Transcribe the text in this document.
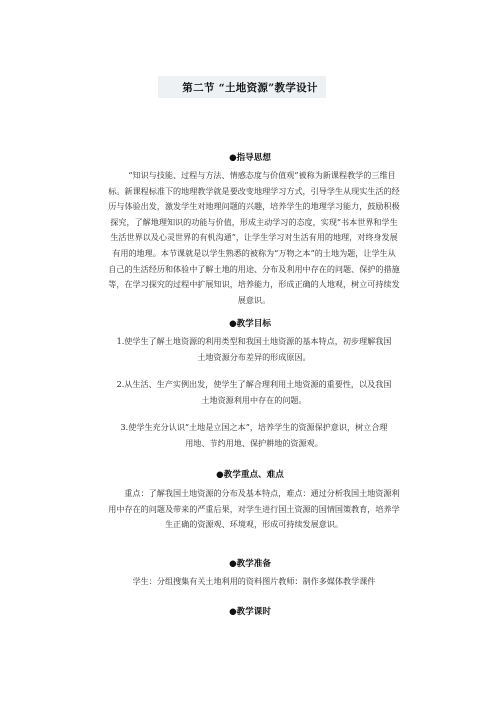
第二节 “土地资源”教学设计
●指导思想
“知识与技能、过程与方法、情感态度与价值观”被称为新课程教学的三维目
标。新课程标准下的地理教学就是要改变地理学习方式，引导学生从现实生活的经
历与体验出发，激发学生对地理问题的兴趣，培养学生的地理学习能力，鼓励积极
探究，了解地理知识的功能与价值，形成主动学习的态度，实现“书本世界和学生
生活世界以及心灵世界的有机沟通”，让学生学习对生活有用的地理，对终身发展
有用的地理。本节课就是以学生熟悉的被称为“万物之本”的土地为题，让学生从
自己的生活经历和体验中了解土地的用途、分布及利用中存在的问题、保护的措施
等，在学习探究的过程中扩展知识，培养能力，形成正确的人地观，树立可持续发
展意识。
●教学目标
1.使学生了解土地资源的利用类型和我国土地资源的基本特点，初步理解我国
土地资源分布差异的形成原因。
2.从生活、生产实例出发，使学生了解合理利用土地资源的重要性，以及我国
土地资源利用中存在的问题。
3.使学生充分认识“土地是立国之本”，培养学生的资源保护意识，树立合理
用地、节约用地、保护耕地的资源观。
●教学重点、难点
重点：了解我国土地资源的分布及基本特点，难点：通过分析我国土地资源利
用中存在的问题及带来的严重后果，对学生进行国土资源的国情国策教育，培养学
生正确的资源观、环境观，形成可持续发展意识。
●教学准备
学生：分组搜集有关土地利用的资料图片教师：制作多媒体教学课件
●教学课时
